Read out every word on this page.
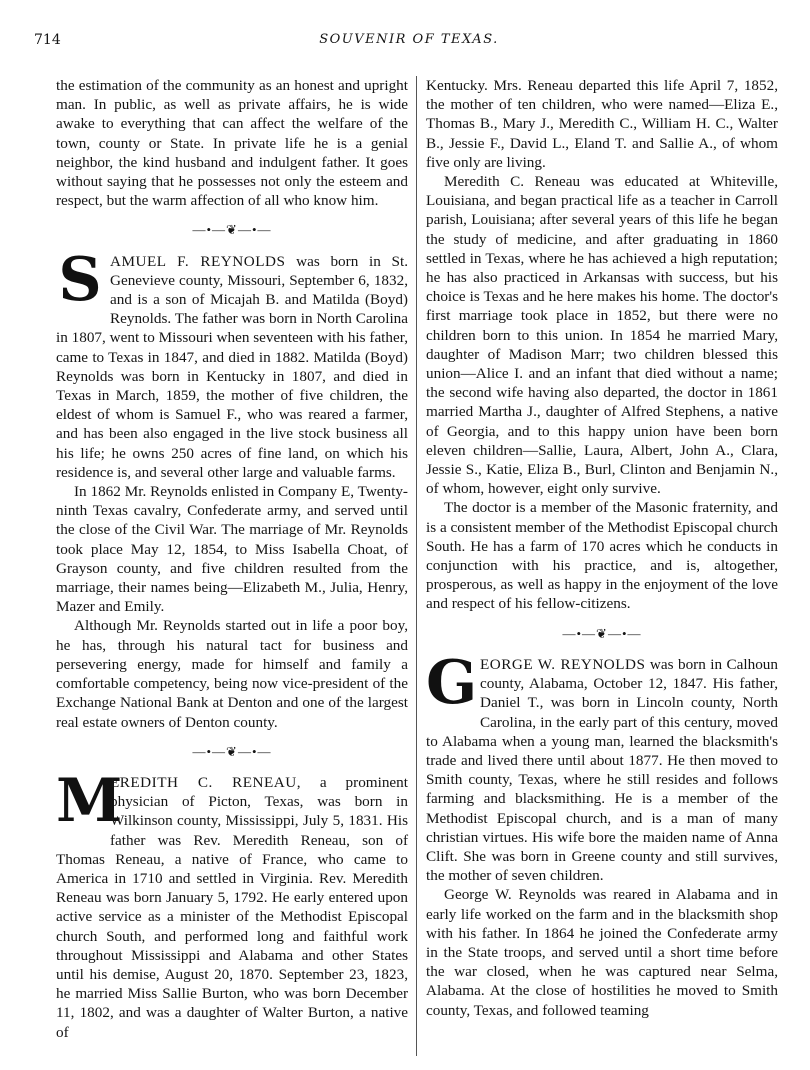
714	SOUVENIR OF TEXAS.

the estimation of the community as an honest and upright man. In public, as well as private affairs, he is wide awake to everything that can affect the welfare of the town, county or State. In private life he is a genial neighbor, the kind husband and indulgent father. It goes without saying that he possesses not only the esteem and respect, but the warm affection of all who know him.

—•—❦—•—

SAMUEL F. REYNOLDS was born in St. Genevieve county, Missouri, September 6, 1832, and is a son of Micajah B. and Matilda (Boyd) Reynolds. The father was born in North Carolina in 1807, went to Missouri when seventeen with his father, came to Texas in 1847, and died in 1882. Matilda (Boyd) Reynolds was born in Kentucky in 1807, and died in Texas in March, 1859, the mother of five children, the eldest of whom is Samuel F., who was reared a farmer, and has been also engaged in the live stock business all his life; he owns 250 acres of fine land, on which his residence is, and several other large and valuable farms.

In 1862 Mr. Reynolds enlisted in Company E, Twenty-ninth Texas cavalry, Confederate army, and served until the close of the Civil War. The marriage of Mr. Reynolds took place May 12, 1854, to Miss Isabella Choat, of Grayson county, and five children resulted from the marriage, their names being—Elizabeth M., Julia, Henry, Mazer and Emily.

Although Mr. Reynolds started out in life a poor boy, he has, through his natural tact for business and persevering energy, made for himself and family a comfortable competency, being now vice-president of the Exchange National Bank at Denton and one of the largest real estate owners of Denton county.

—•—❦—•—

M
EREDITH C. RENEAU, a prominent physician of Picton, Texas, was born in Wilkinson county, Mississippi, July 5, 1831. His father was Rev. Meredith Reneau, son of Thomas Reneau, a native of France, who came to America in 1710 and settled in Virginia. Rev. Meredith Reneau was born January 5, 1792. He early entered upon active service as a minister of the Methodist Episcopal church South, and performed long and faithful work throughout Mississippi and Alabama and other States until his demise, August 20, 1870. September 23, 1823, he married Miss Sallie Burton, who was born December 11, 1802, and was a daughter of Walter Burton, a native of

Kentucky. Mrs. Reneau departed this life April 7, 1852, the mother of ten children, who were named—Eliza E., Thomas B., Mary J., Meredith C., William H. C., Walter B., Jessie F., David L., Eland T. and Sallie A., of whom five only are living.

Meredith C. Reneau was educated at Whiteville, Louisiana, and began practical life as a teacher in Carroll parish, Louisiana; after several years of this life he began the study of medicine, and after graduating in 1860 settled in Texas, where he has achieved a high reputation; he has also practiced in Arkansas with success, but his choice is Texas and he here makes his home. The doctor's first marriage took place in 1852, but there were no children born to this union. In 1854 he married Mary, daughter of Madison Marr; two children blessed this union—Alice I. and an infant that died without a name; the second wife having also departed, the doctor in 1861 married Martha J., daughter of Alfred Stephens, a native of Georgia, and to this happy union have been born eleven children—Sallie, Laura, Albert, John A., Clara, Jessie S., Katie, Eliza B., Burl, Clinton and Benjamin N., of whom, however, eight only survive.

The doctor is a member of the Masonic fraternity, and is a consistent member of the Methodist Episcopal church South. He has a farm of 170 acres which he conducts in conjunction with his practice, and is, altogether, prosperous, as well as happy in the enjoyment of the love and respect of his fellow-citizens.

—•—❦—•—

GEORGE W. REYNOLDS was born in Calhoun county, Alabama, October 12, 1847. His father, Daniel T., was born in Lincoln county, North Carolina, in the early part of this century, moved to Alabama when a young man, learned the blacksmith's trade and lived there until about 1877. He then moved to Smith county, Texas, where he still resides and follows farming and blacksmithing. He is a member of the Methodist Episcopal church, and is a man of many christian virtues. His wife bore the maiden name of Anna Clift. She was born in Greene county and still survives, the mother of seven children.

George W. Reynolds was reared in Alabama and in early life worked on the farm and in the blacksmith shop with his father. In 1864 he joined the Confederate army in the State troops, and served until a short time before the war closed, when he was captured near Selma, Alabama. At the close of hostilities he moved to Smith county, Texas, and followed teaming
